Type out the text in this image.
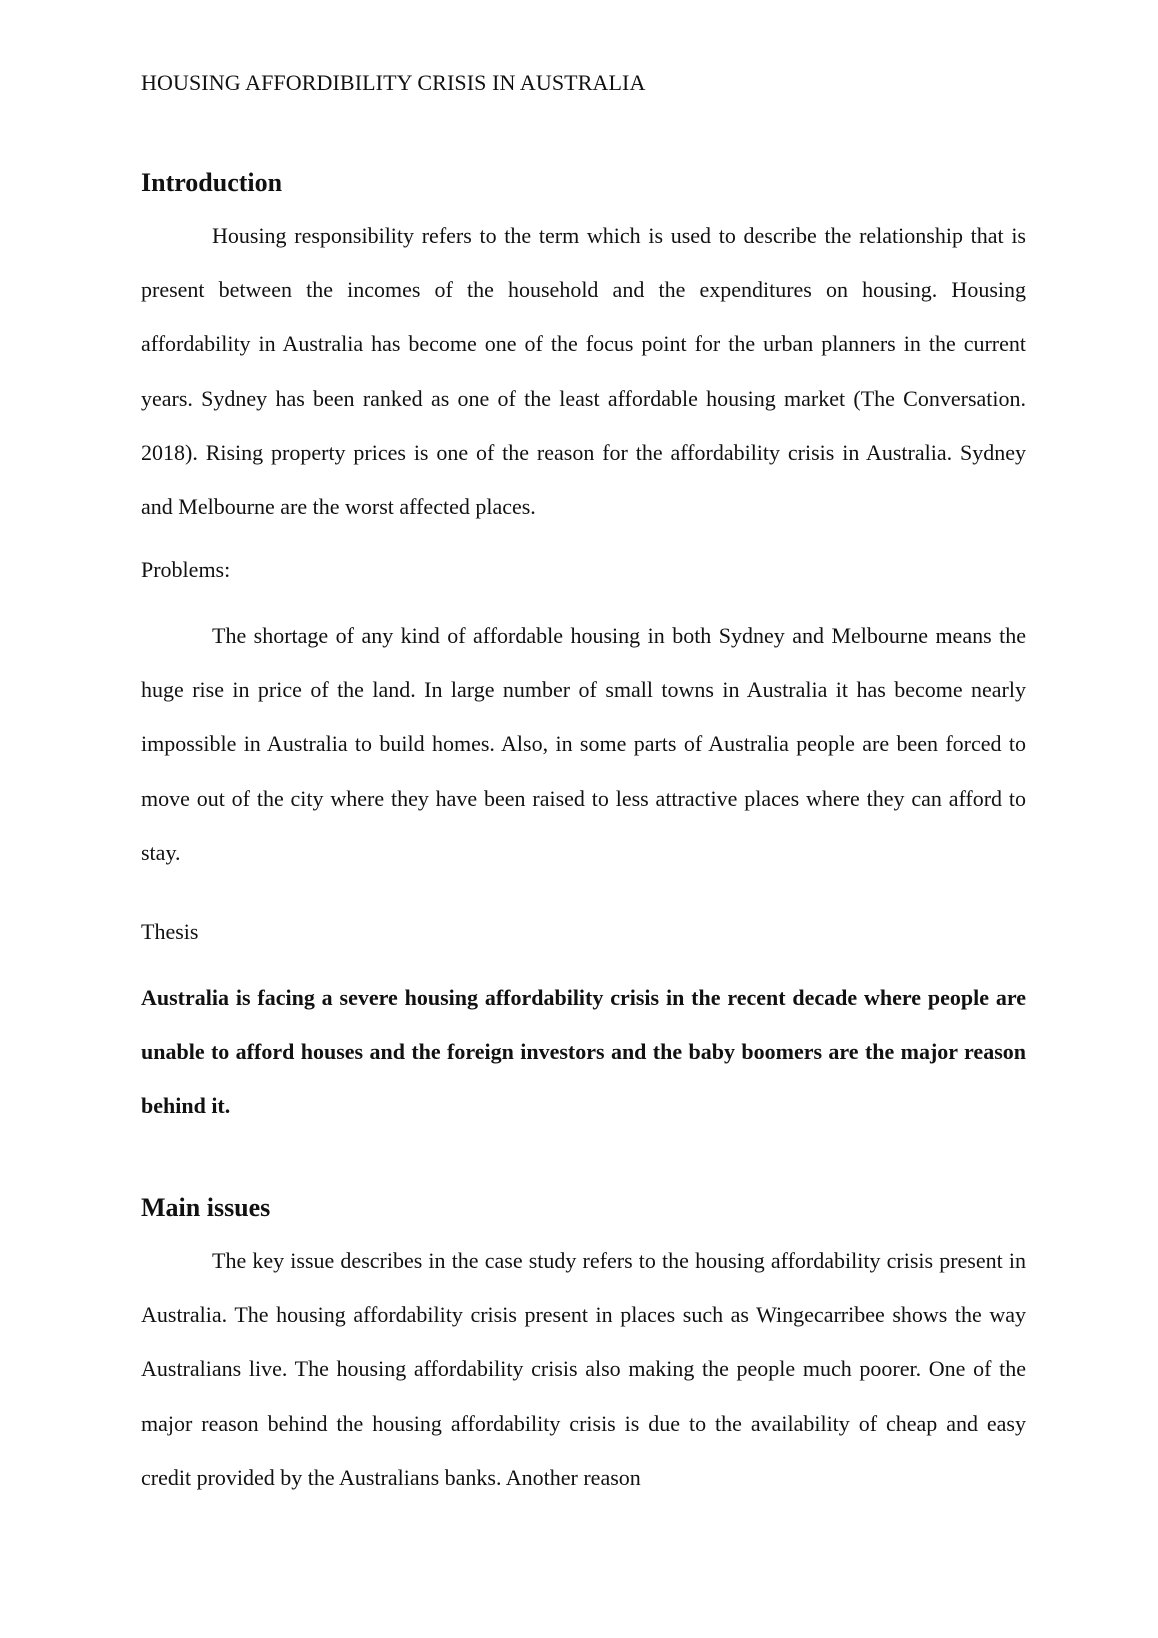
HOUSING AFFORDIBILITY CRISIS IN AUSTRALIA
Introduction

Housing responsibility refers to the term which is used to describe the relationship that is present between the incomes of the household and the expenditures on housing. Housing affordability in Australia has become one of the focus point for the urban planners in the current years. Sydney has been ranked as one of the least affordable housing market (The Conversation. 2018). Rising property prices is one of the reason for the affordability crisis in Australia. Sydney and Melbourne are the worst affected places.

Problems:

The shortage of any kind of affordable housing in both Sydney and Melbourne means the huge rise in price of the land. In large number of small towns in Australia it has become nearly impossible in Australia to build homes. Also, in some parts of Australia people are been forced to move out of the city where they have been raised to less attractive places where they can afford to stay.

Thesis

Australia is facing a severe housing affordability crisis in the recent decade where people are unable to afford houses and the foreign investors and the baby boomers are the major reason behind it.

Main issues

The key issue describes in the case study refers to the housing affordability crisis present in Australia. The housing affordability crisis present in places such as Wingecarribee shows the way Australians live. The housing affordability crisis also making the people much poorer. One of the major reason behind the housing affordability crisis is due to the availability of cheap and easy credit provided by the Australians banks. Another reason
